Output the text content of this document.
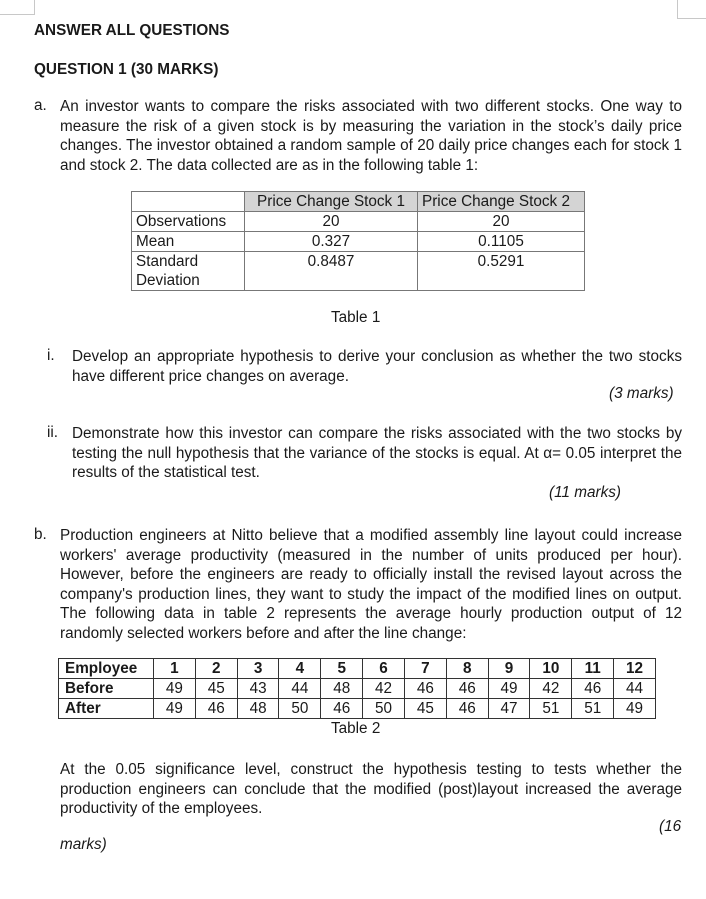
ANSWER ALL QUESTIONS
QUESTION 1 (30 MARKS)
a. An investor wants to compare the risks associated with two different stocks. One way to measure the risk of a given stock is by measuring the variation in the stock’s daily price changes. The investor obtained a random sample of 20 daily price changes each for stock 1 and stock 2. The data collected are as in the following table 1:
	Price Change Stock 1	Price Change Stock 2
Observations	20	20
Mean	0.327	0.1105
Standard Deviation	0.8487	0.5291
Table 1
i. Develop an appropriate hypothesis to derive your conclusion as whether the two stocks have different price changes on average.
(3 marks)
ii. Demonstrate how this investor can compare the risks associated with the two stocks by testing the null hypothesis that the variance of the stocks is equal. At α= 0.05 interpret the results of the statistical test.
(11 marks)
b. Production engineers at Nitto believe that a modified assembly line layout could increase workers' average productivity (measured in the number of units produced per hour). However, before the engineers are ready to officially install the revised layout across the company's production lines, they want to study the impact of the modified lines on output. The following data in table 2 represents the average hourly production output of 12 randomly selected workers before and after the line change:
Employee	1	2	3	4	5	6	7	8	9	10	11	12
Before	49	45	43	44	48	42	46	46	49	42	46	44
After	49	46	48	50	46	50	45	46	47	51	51	49
Table 2
At the 0.05 significance level, construct the hypothesis testing to tests whether the production engineers can conclude that the modified (post)layout increased the average productivity of the employees.
(16
marks)
